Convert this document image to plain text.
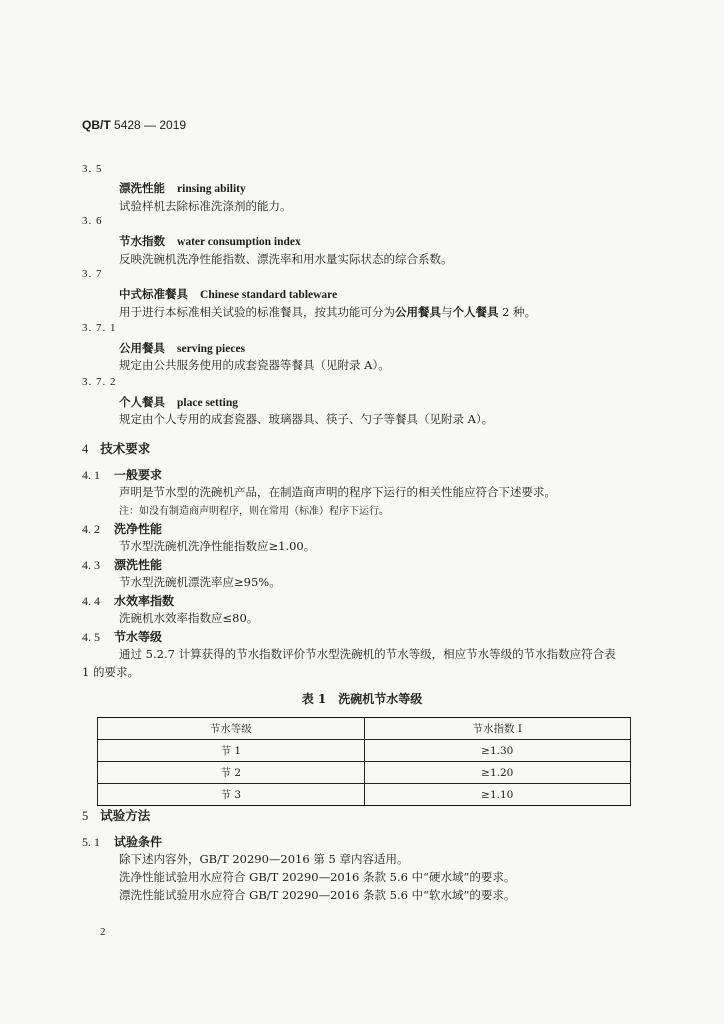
QB/T 5428 — 2019
3. 5
漂洗性能 rinsing ability
试验样机去除标准洗涤剂的能力。
3. 6
节水指数 water consumption index
反映洗碗机洗净性能指数、漂洗率和用水量实际状态的综合系数。
3. 7
中式标准餐具 Chinese standard tableware
用于进行本标准相关试验的标准餐具，按其功能可分为公用餐具与个人餐具 2 种。
3. 7. 1
公用餐具 serving pieces
规定由公共服务使用的成套瓷器等餐具（见附录 A）。
3. 7. 2
个人餐具 place setting
规定由个人专用的成套瓷器、玻璃器具、筷子、勺子等餐具（见附录 A）。
4 技术要求
4. 1 一般要求
声明是节水型的洗碗机产品，在制造商声明的程序下运行的相关性能应符合下述要求。
注：如没有制造商声明程序，则在常用（标准）程序下运行。
4. 2 洗净性能
节水型洗碗机洗净性能指数应≥1.00。
4. 3 漂洗性能
节水型洗碗机漂洗率应≥95%。
4. 4 水效率指数
洗碗机水效率指数应≤80。
4. 5 节水等级
通过 5.2.7 计算获得的节水指数评价节水型洗碗机的节水等级，相应节水等级的节水指数应符合表
1 的要求。
表 1　洗碗机节水等级
节水等级	节水指数 I
节 1	≥1.30
节 2	≥1.20
节 3	≥1.10
5 试验方法
5. 1 试验条件
除下述内容外，GB/T 20290—2016 第 5 章内容适用。
洗净性能试验用水应符合 GB/T 20290—2016 条款 5.6 中“硬水域”的要求。
漂洗性能试验用水应符合 GB/T 20290—2016 条款 5.6 中“软水域”的要求。
2
